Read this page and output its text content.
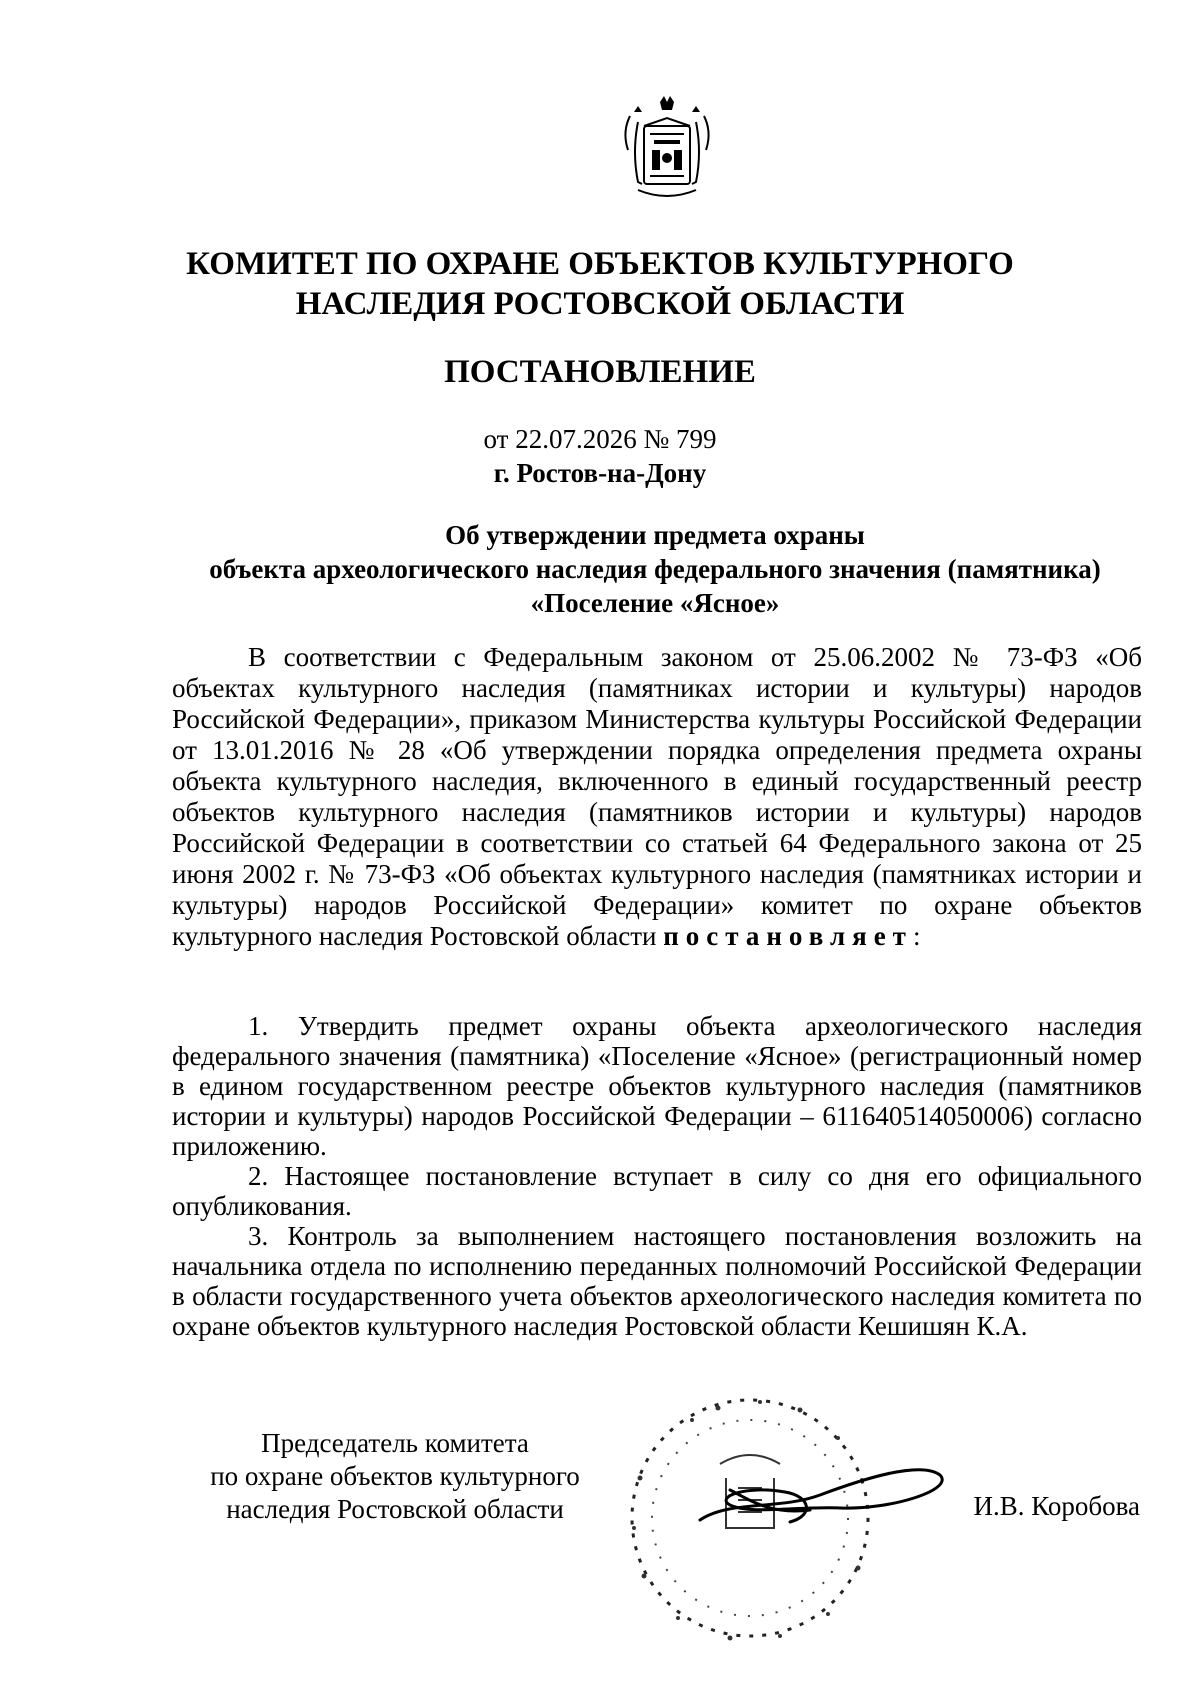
КОМИТЕТ ПО ОХРАНЕ ОБЪЕКТОВ КУЛЬТУРНОГО
НАСЛЕДИЯ РОСТОВСКОЙ ОБЛАСТИ
ПОСТАНОВЛЕНИЕ
от 22.07.2026 № 799
г. Ростов-на-Дону
Об утверждении предмета охраны
объекта археологического наследия федерального значения (памятника)
«Поселение «Ясное»
В соответствии с Федеральным законом от 25.06.2002 № 73-ФЗ «Об объектах культурного наследия (памятниках истории и культуры) народов Российской Федерации», приказом Министерства культуры Российской Федерации от 13.01.2016 № 28 «Об утверждении порядка определения предмета охраны объекта культурного наследия, включенного в единый государственный реестр объектов культурного наследия (памятников истории и культуры) народов Российской Федерации в соответствии со статьей 64 Федерального закона от 25 июня 2002 г. № 73-ФЗ «Об объектах культурного наследия (памятниках истории и культуры) народов Российской Федерации» комитет по охране объектов культурного наследия Ростовской области постановляет:

1. Утвердить предмет охраны объекта археологического наследия федерального значения (памятника) «Поселение «Ясное» (регистрационный номер в едином государственном реестре объектов культурного наследия (памятников истории и культуры) народов Российской Федерации – 611640514050006) согласно приложению.

2. Настоящее постановление вступает в силу со дня его официального опубликования.

3. Контроль за выполнением настоящего постановления возложить на начальника отдела по исполнению переданных полномочий Российской Федерации в области государственного учета объектов археологического наследия комитета по охране объектов культурного наследия Ростовской области Кешишян К.А.

Председатель комитета
по охране объектов культурного
наследия Ростовской области	И.В. Коробова
